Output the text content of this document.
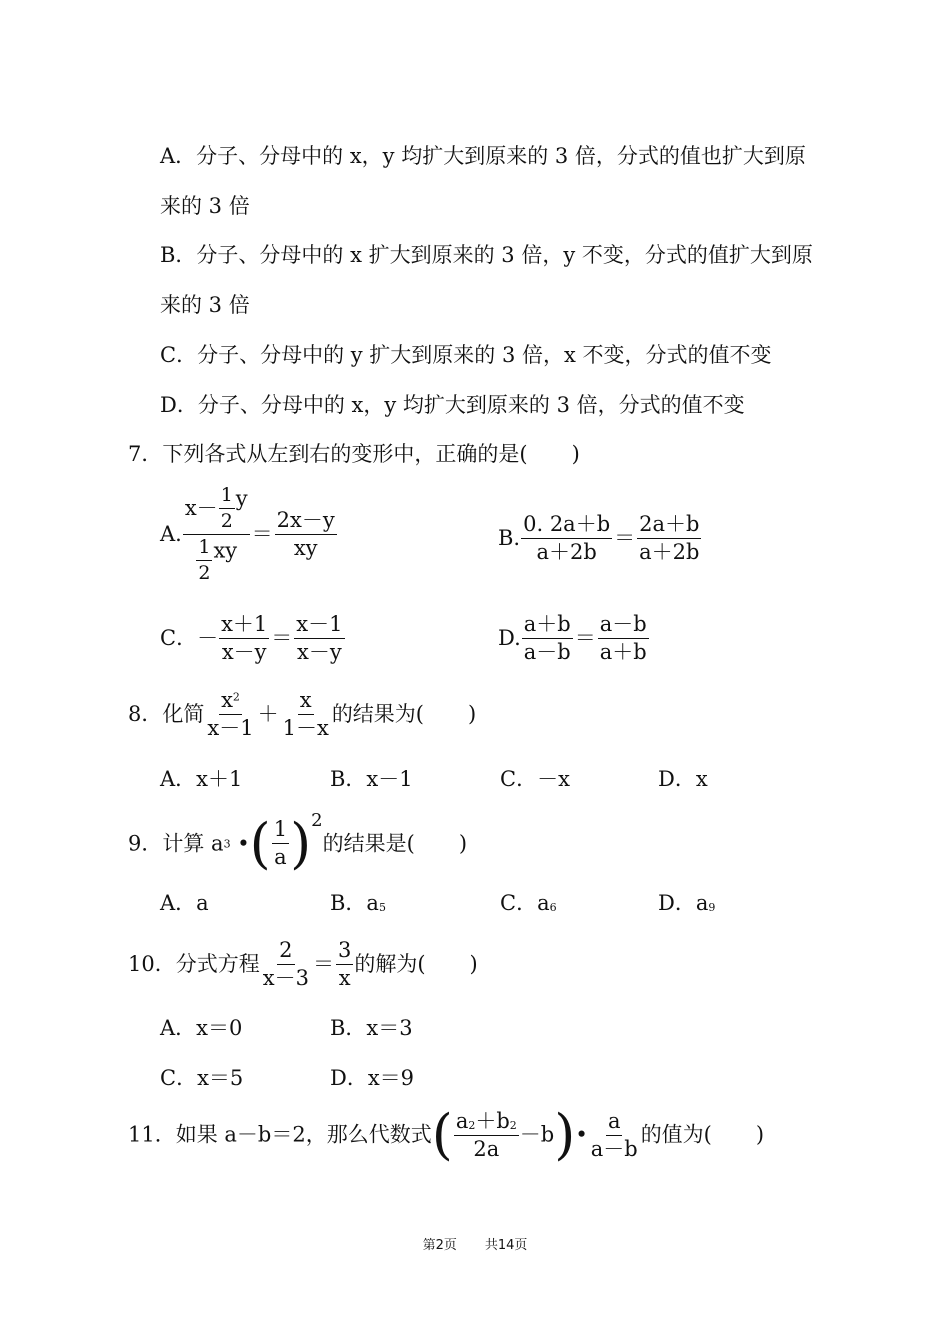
A．分子、分母中的 x，y 均扩大到原来的 3 倍，分式的值也扩大到原
来的 3 倍
B．分子、分母中的 x 扩大到原来的 3 倍，y 不变，分式的值扩大到原
来的 3 倍
C．分子、分母中的 y 扩大到原来的 3 倍，x 不变，分式的值不变
D．分子、分母中的 x，y 均扩大到原来的 3 倍，分式的值不变
7．下列各式从左到右的变形中，正确的是( )
A. $\frac{x- \frac{1}{2} y}{\frac{1}{2} xy} = \frac{2x-y}{xy}$	B. $\frac{0. 2a+b}{a+2b} = \frac{2a+b}{a+2b}$
C．－ $\frac{x+1}{x-y} = \frac{x-1}{x-y}$	D. $\frac{a+b}{a-b} = \frac{a-b}{a+b}$
8．化简 $\frac{x^2}{x-1} + \frac{x}{1-x}$ 的结果为( )
A．x＋1	B．x－1	C．－x	D．x
9．计算 a3 •( $\frac{1}{a} )2$的结果是( )
A．a	B．a5	C．a6	D．a9
10．分式方程 $\frac{2}{x-3} = \frac{3}{x}$ 的解为( )
A．x＝0	B．x＝3
C．x＝5	D．x＝9
11．如果 a－b＝2，那么代数式( $\frac{a2+b2}{2a}$ －b)• $\frac{a}{a-b}$ 的值为( )
第2页 共14页
